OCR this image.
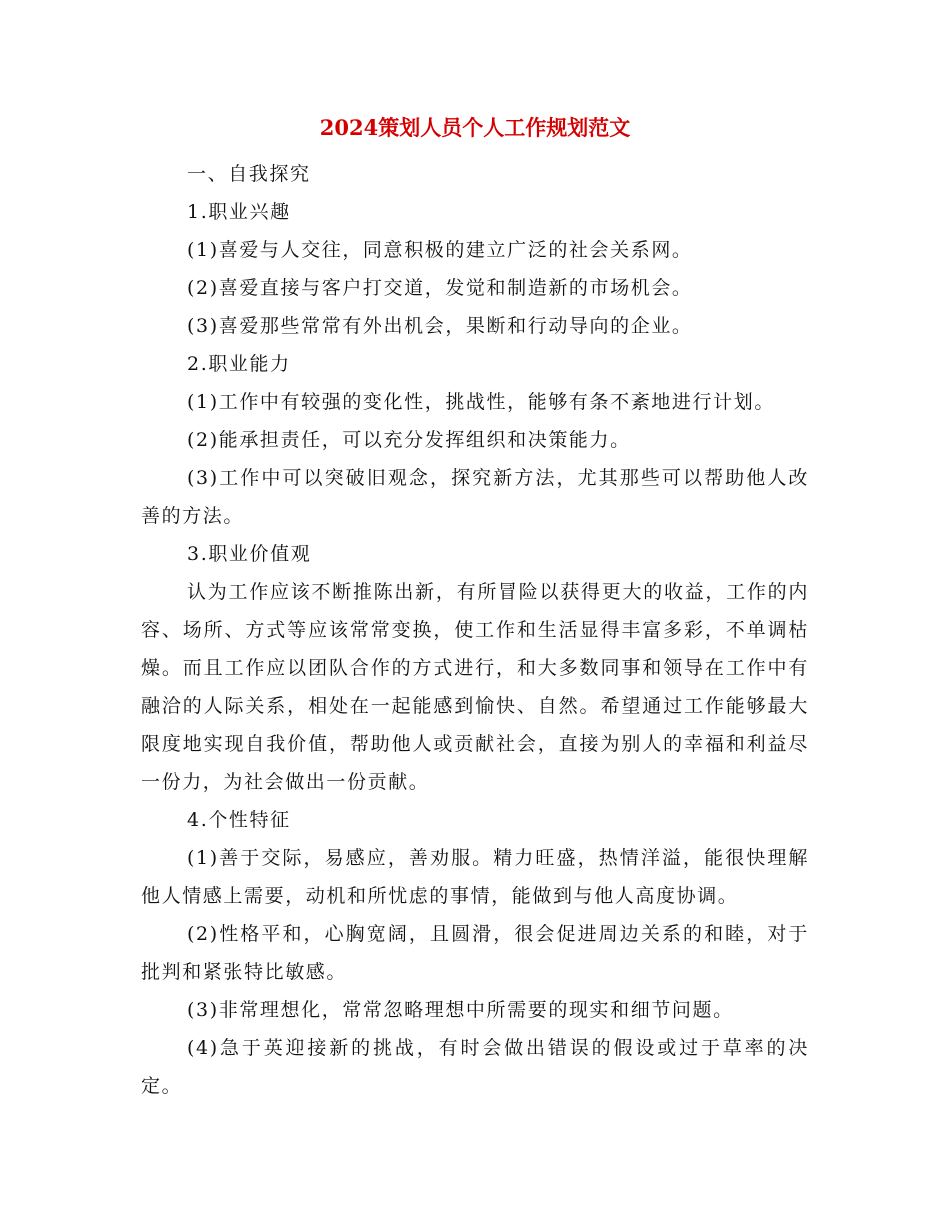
2024策划人员个人工作规划范文

一、自我探究

1.职业兴趣

(1)喜爱与人交往，同意积极的建立广泛的社会关系网。

(2)喜爱直接与客户打交道，发觉和制造新的市场机会。

(3)喜爱那些常常有外出机会，果断和行动导向的企业。

2.职业能力

(1)工作中有较强的变化性，挑战性，能够有条不紊地进行计划。

(2)能承担责任，可以充分发挥组织和决策能力。

(3)工作中可以突破旧观念，探究新方法，尤其那些可以帮助他人改善的方法。

3.职业价值观

认为工作应该不断推陈出新，有所冒险以获得更大的收益，工作的内容、场所、方式等应该常常变换，使工作和生活显得丰富多彩，不单调枯燥。而且工作应以团队合作的方式进行，和大多数同事和领导在工作中有融洽的人际关系，相处在一起能感到愉快、自然。希望通过工作能够最大限度地实现自我价值，帮助他人或贡献社会，直接为别人的幸福和利益尽一份力，为社会做出一份贡献。

4.个性特征

(1)善于交际，易感应，善劝服。精力旺盛，热情洋溢，能很快理解他人情感上需要，动机和所忧虑的事情，能做到与他人高度协调。

(2)性格平和，心胸宽阔，且圆滑，很会促进周边关系的和睦，对于批判和紧张特比敏感。

(3)非常理想化，常常忽略理想中所需要的现实和细节问题。

(4)急于英迎接新的挑战，有时会做出错误的假设或过于草率的决定。
